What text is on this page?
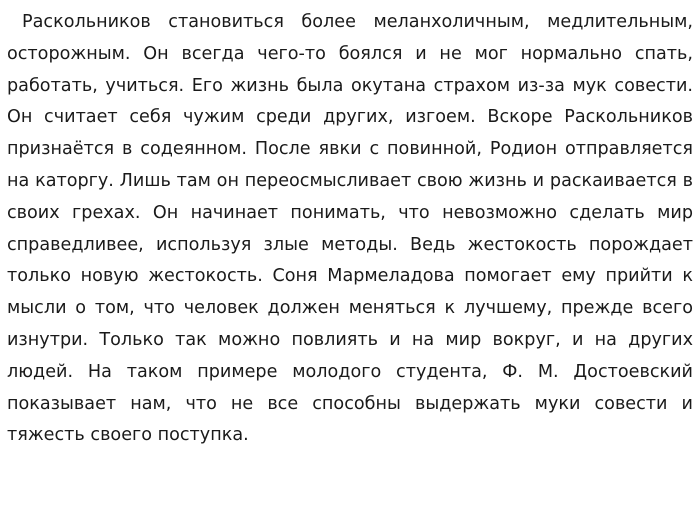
Раскольников становиться более меланхоличным, медлительным, осторожным. Он всегда чего-то боялся и не мог нормально спать, работать, учиться. Его жизнь была окутана страхом из-за мук совести. Он считает себя чужим среди других, изгоем. Вскоре Раскольников признаётся в содеянном. После явки с повинной, Родион отправляется на каторгу. Лишь там он переосмысливает свою жизнь и раскаивается в своих грехах. Он начинает понимать, что невозможно сделать мир справедливее, используя злые методы. Ведь жестокость порождает только новую жестокость. Соня Мармеладова помогает ему прийти к мысли о том, что человек должен меняться к лучшему, прежде всего изнутри. Только так можно повлиять и на мир вокруг, и на других людей. На таком примере молодого студента, Ф. М. Достоевский показывает нам, что не все способны выдержать муки совести и тяжесть своего поступка.
